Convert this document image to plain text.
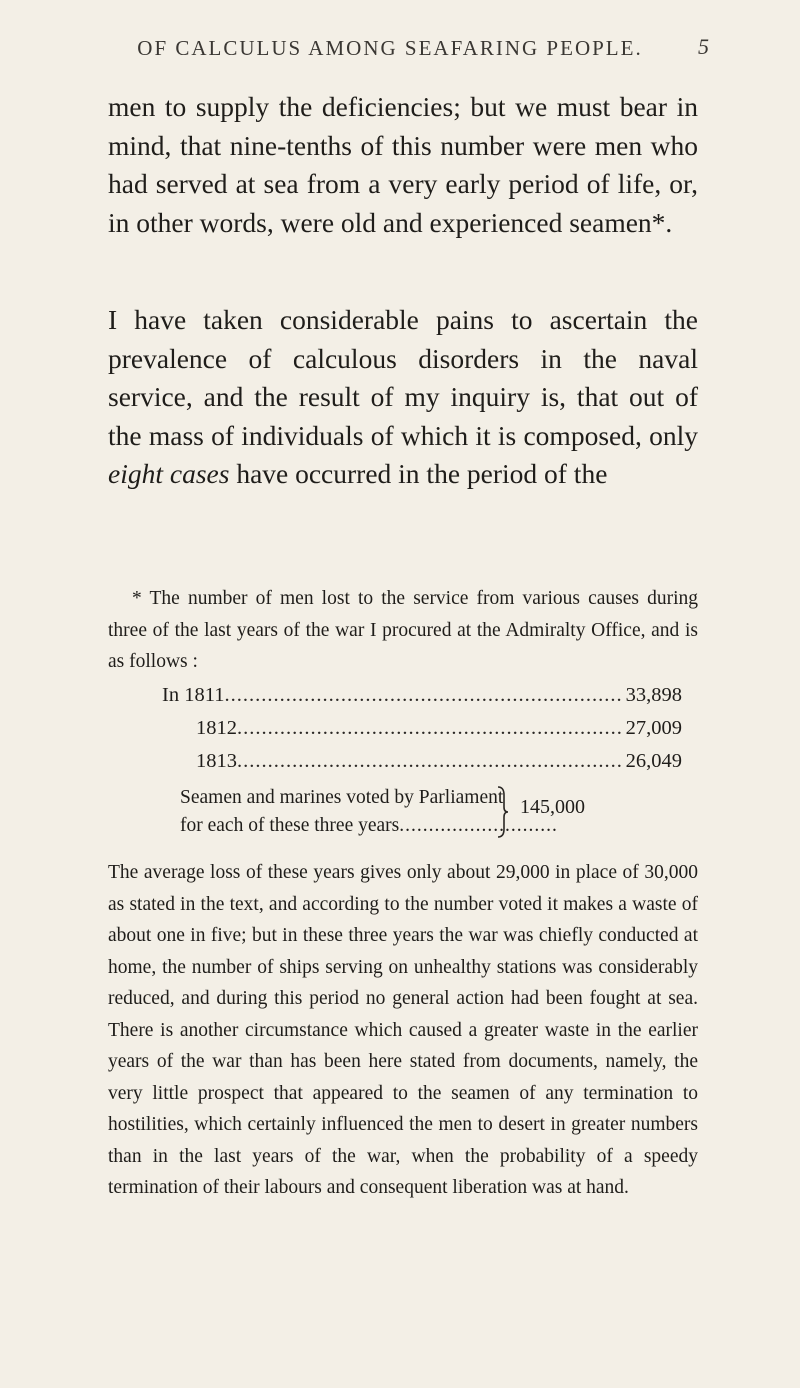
OF CALCULUS AMONG SEAFARING PEOPLE.	5

men to supply the deficiencies; but we must bear in mind, that nine-tenths of this number were men who had served at sea from a very early period of life, or, in other words, were old and experienced seamen*.

I have taken considerable pains to ascertain the prevalence of calculous disorders in the naval service, and the result of my inquiry is, that out of the mass of individuals of which it is composed, only eight cases have occurred in the period of the

* The number of men lost to the service from various causes during three of the last years of the war I procured at the Admiralty Office, and is as follows :

In 1811 .....	33,898
1812 .....	27,009
1813 .....	26,049
Seamen and marines voted by Parliament
for each of these three years
.....
145,000

The average loss of these years gives only about 29,000 in place of 30,000 as stated in the text, and according to the number voted it makes a waste of about one in five; but in these three years the war was chiefly conducted at home, the number of ships serving on unhealthy stations was considerably reduced, and during this period no general action had been fought at sea. There is another circumstance which caused a greater waste in the earlier years of the war than has been here stated from documents, namely, the very little prospect that appeared to the seamen of any termination to hostilities, which certainly influenced the men to desert in greater numbers than in the last years of the war, when the probability of a speedy termination of their labours and consequent liberation was at hand.
